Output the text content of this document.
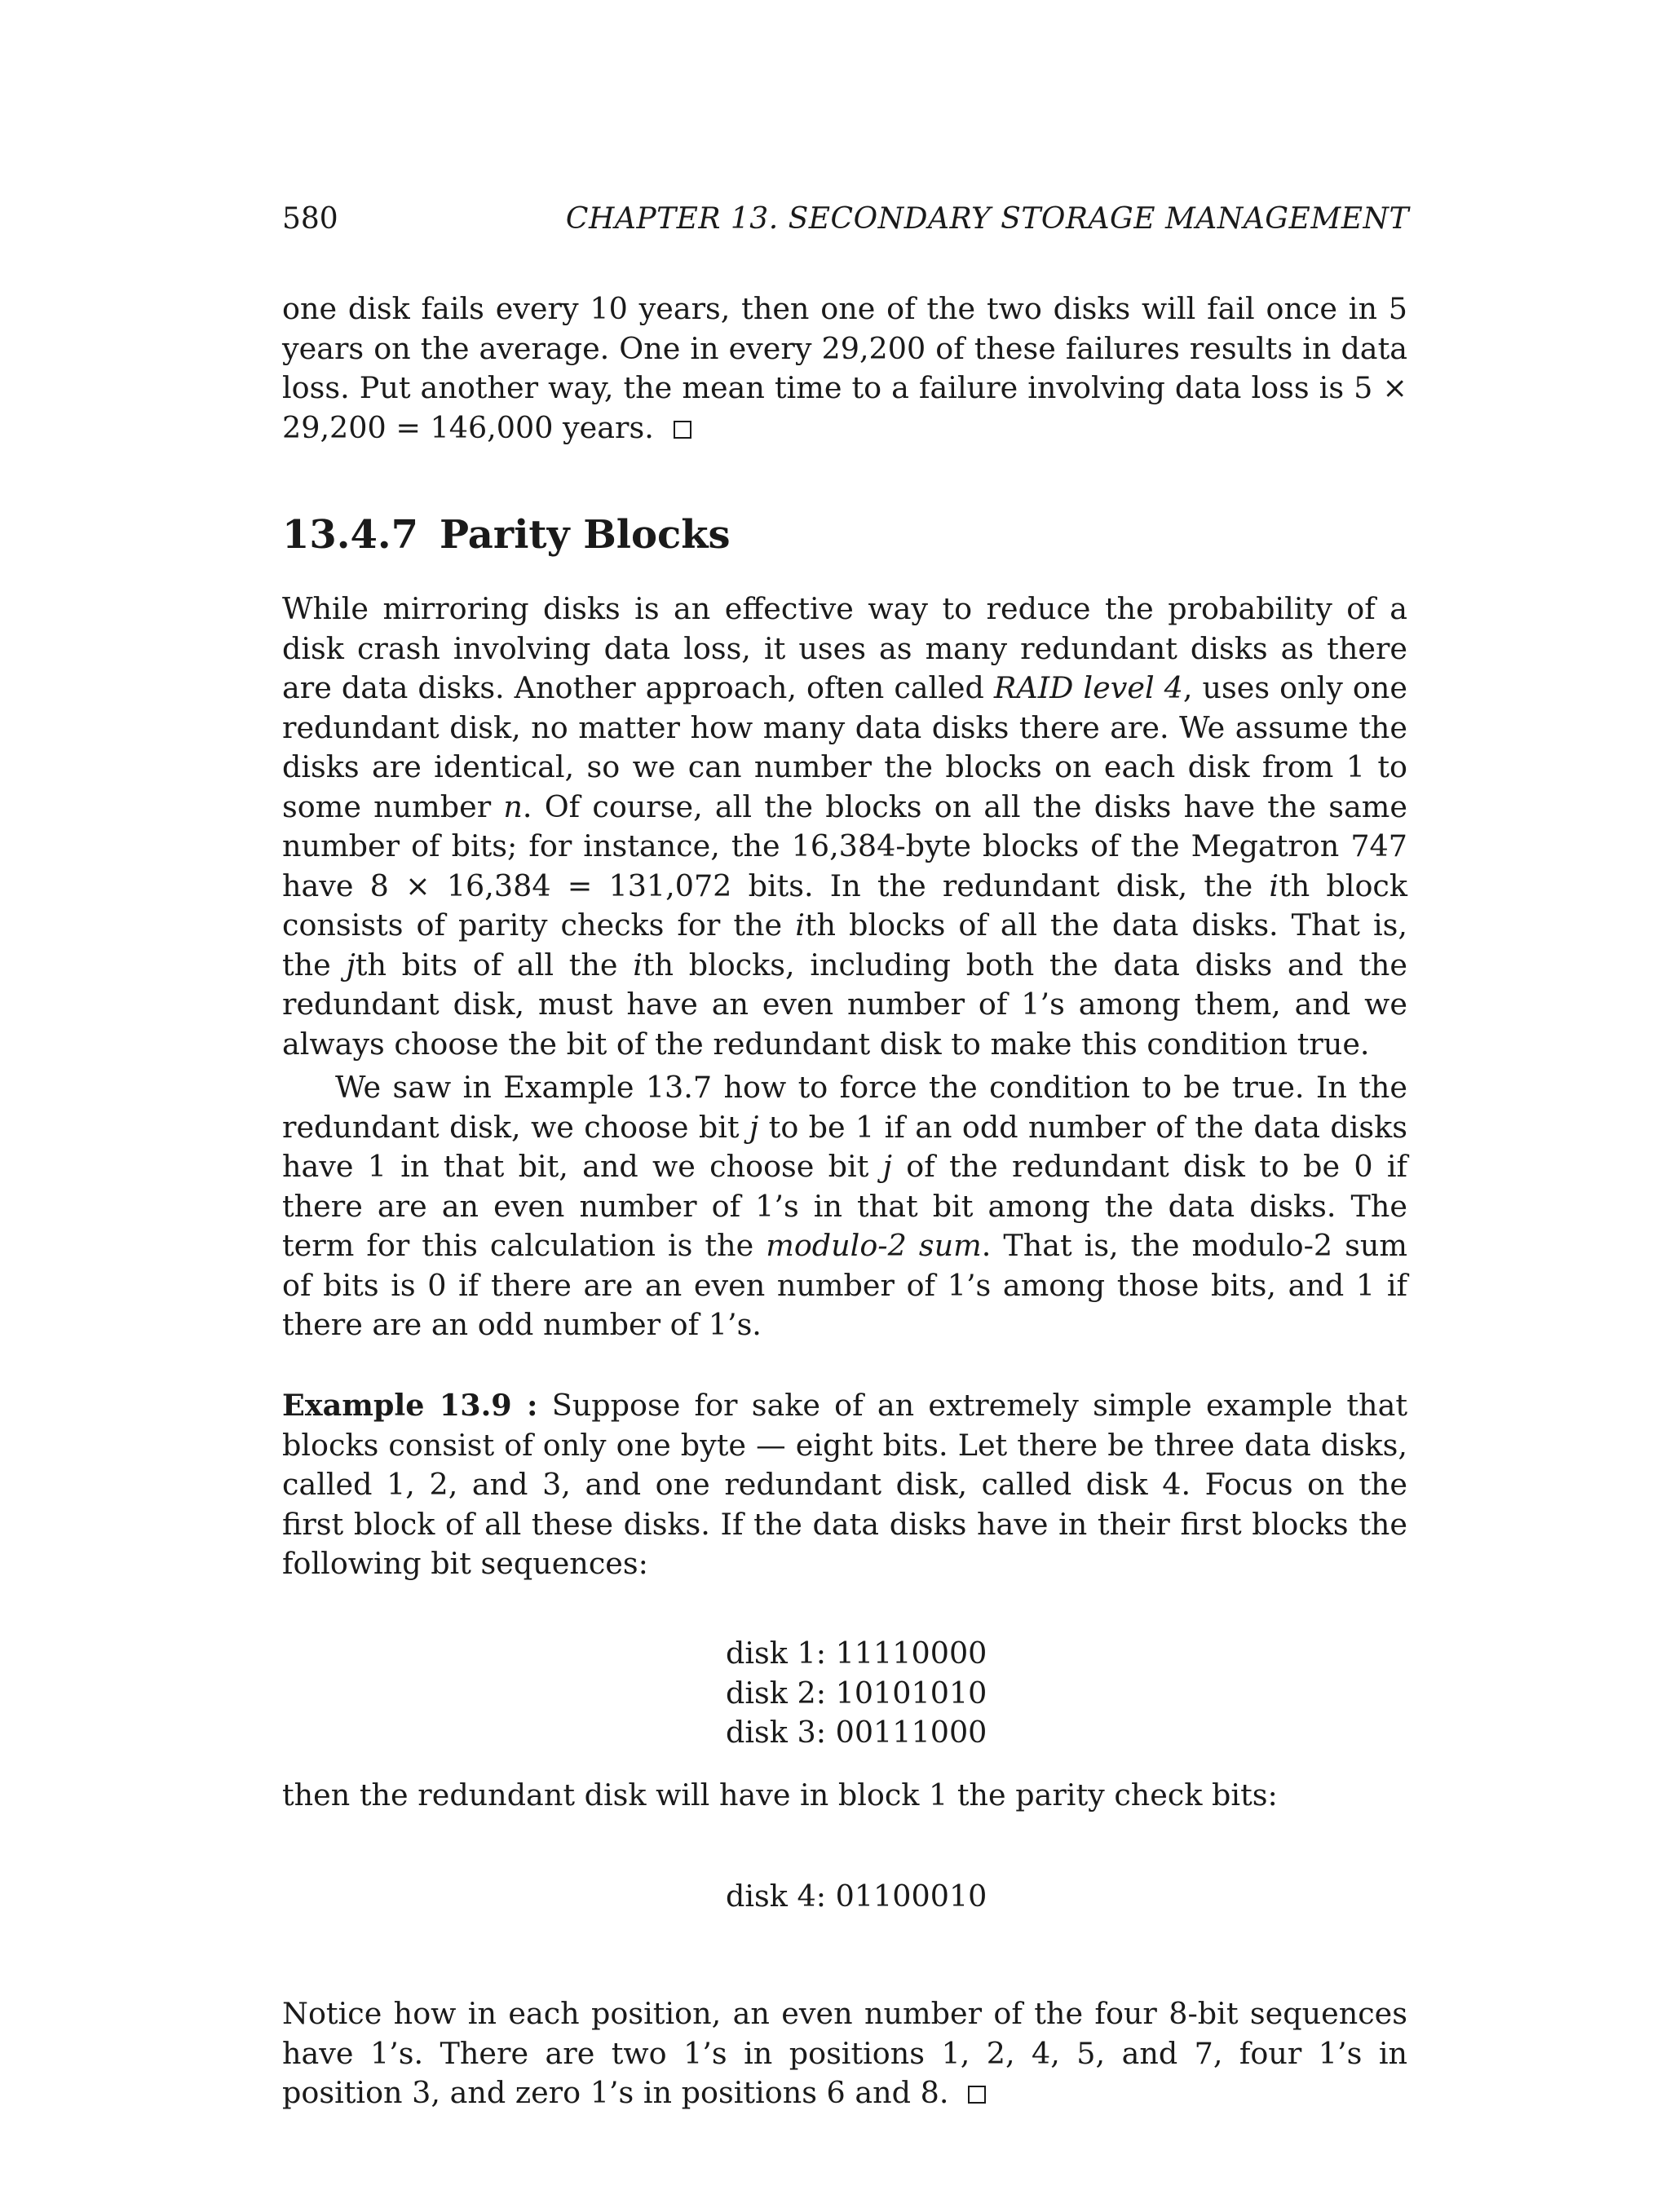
580	CHAPTER 13. SECONDARY STORAGE MANAGEMENT

one disk fails every 10 years, then one of the two disks will fail once in 5 years on the average. One in every 29,200 of these failures results in data loss. Put another way, the mean time to a failure involving data loss is 5 × 29,200 = 146,000 years.

13.4.7 Parity Blocks

While mirroring disks is an effective way to reduce the probability of a disk crash involving data loss, it uses as many redundant disks as there are data disks. Another approach, often called RAID level 4, uses only one redundant disk, no matter how many data disks there are. We assume the disks are identical, so we can number the blocks on each disk from 1 to some number n. Of course, all the blocks on all the disks have the same number of bits; for instance, the 16,384-byte blocks of the Megatron 747 have 8 × 16,384 = 131,072 bits. In the redundant disk, the ith block consists of parity checks for the ith blocks of all the data disks. That is, the jth bits of all the ith blocks, including both the data disks and the redundant disk, must have an even number of 1’s among them, and we always choose the bit of the redundant disk to make this condition true.

We saw in Example 13.7 how to force the condition to be true. In the redundant disk, we choose bit j to be 1 if an odd number of the data disks have 1 in that bit, and we choose bit j of the redundant disk to be 0 if there are an even number of 1’s in that bit among the data disks. The term for this calculation is the modulo-2 sum. That is, the modulo-2 sum of bits is 0 if there are an even number of 1’s among those bits, and 1 if there are an odd number of 1’s.

Example 13.9 : Suppose for sake of an extremely simple example that blocks consist of only one byte — eight bits. Let there be three data disks, called 1, 2, and 3, and one redundant disk, called disk 4. Focus on the first block of all these disks. If the data disks have in their first blocks the following bit sequences:

disk 1: 11110000
disk 2: 10101010
disk 3: 00111000

then the redundant disk will have in block 1 the parity check bits:

disk 4: 01100010

Notice how in each position, an even number of the four 8-bit sequences have 1’s. There are two 1’s in positions 1, 2, 4, 5, and 7, four 1’s in position 3, and zero 1’s in positions 6 and 8.
